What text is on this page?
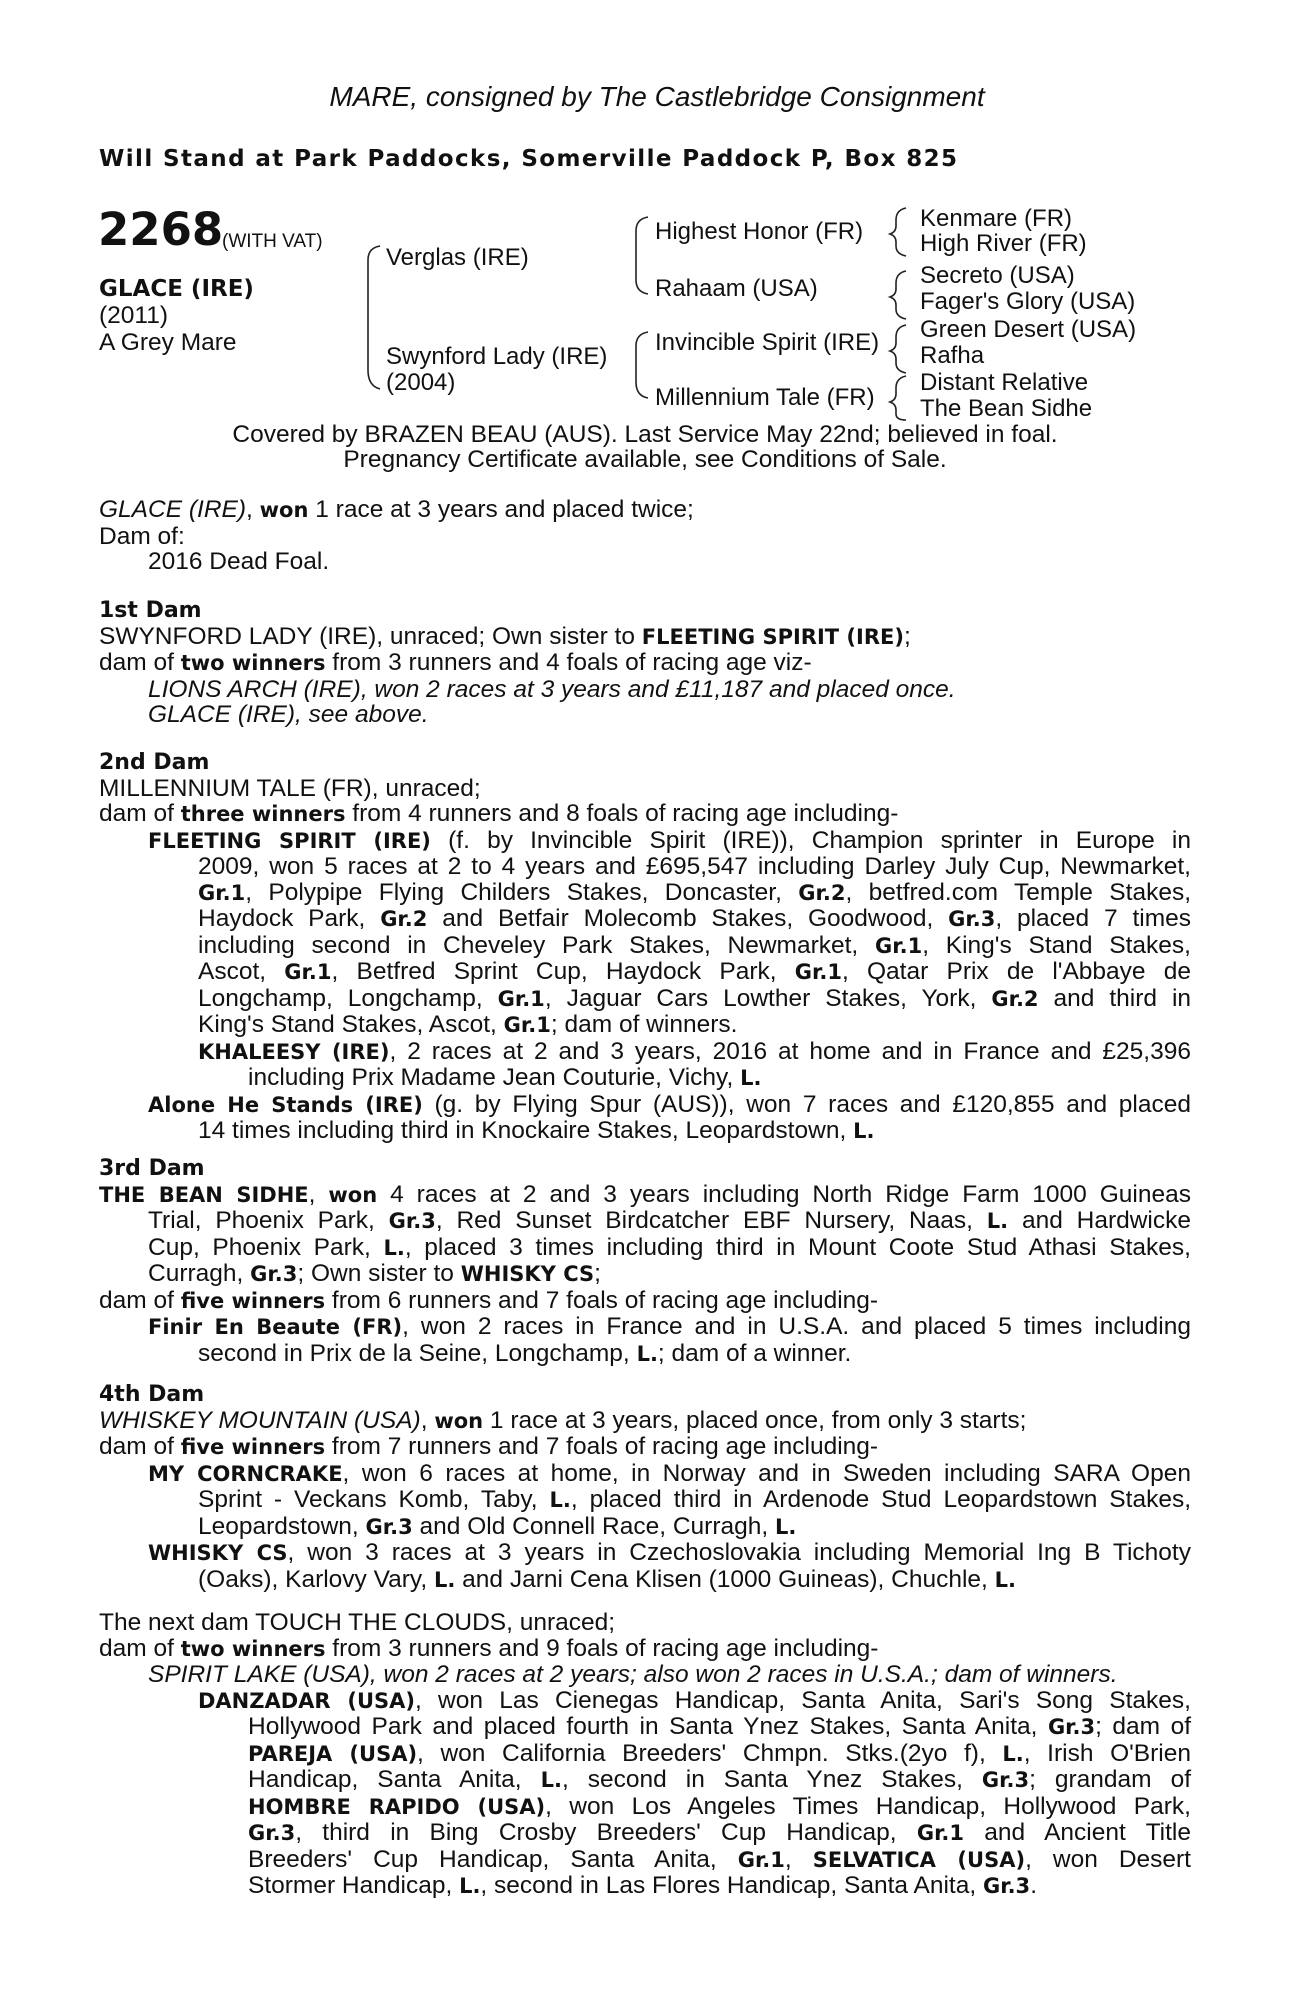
MARE, consigned by The Castlebridge Consignment
Will Stand at Park Paddocks, Somerville Paddock P, Box 825
2268
(WITH VAT)
GLACE (IRE)
(2011)
A Grey Mare
Verglas (IRE)
Swynford Lady (IRE)
(2004)
Highest Honor (FR)
Rahaam (USA)
Invincible Spirit (IRE)
Millennium Tale (FR)
Kenmare (FR)
High River (FR)
Secreto (USA)
Fager's Glory (USA)
Green Desert (USA)
Rafha
Distant Relative
The Bean Sidhe
Covered by BRAZEN BEAU (AUS). Last Service May 22nd; believed in foal.
Pregnancy Certificate available, see Conditions of Sale.

GLACE (IRE), won 1 race at 3 years and placed twice;

Dam of:

2016 Dead Foal.

1st Dam

SWYNFORD LADY (IRE), unraced; Own sister to FLEETING SPIRIT (IRE);

dam of two winners from 3 runners and 4 foals of racing age viz-

LIONS ARCH (IRE), won 2 races at 3 years and £11,187 and placed once.

GLACE (IRE), see above.

2nd Dam

MILLENNIUM TALE (FR), unraced;

dam of three winners from 4 runners and 8 foals of racing age including-

FLEETING SPIRIT (IRE) (f. by Invincible Spirit (IRE)), Champion sprinter in Europe in

2009, won 5 races at 2 to 4 years and £695,547 including Darley July Cup, Newmarket,

Gr.1, Polypipe Flying Childers Stakes, Doncaster, Gr.2, betfred.com Temple Stakes,

Haydock Park, Gr.2 and Betfair Molecomb Stakes, Goodwood, Gr.3, placed 7 times

including second in Cheveley Park Stakes, Newmarket, Gr.1, King's Stand Stakes,

Ascot, Gr.1, Betfred Sprint Cup, Haydock Park, Gr.1, Qatar Prix de l'Abbaye de

Longchamp, Longchamp, Gr.1, Jaguar Cars Lowther Stakes, York, Gr.2 and third in

King's Stand Stakes, Ascot, Gr.1; dam of winners.

KHALEESY (IRE), 2 races at 2 and 3 years, 2016 at home and in France and £25,396

including Prix Madame Jean Couturie, Vichy, L.

Alone He Stands (IRE) (g. by Flying Spur (AUS)), won 7 races and £120,855 and placed

14 times including third in Knockaire Stakes, Leopardstown, L.

3rd Dam

THE BEAN SIDHE, won 4 races at 2 and 3 years including North Ridge Farm 1000 Guineas

Trial, Phoenix Park, Gr.3, Red Sunset Birdcatcher EBF Nursery, Naas, L. and Hardwicke

Cup, Phoenix Park, L., placed 3 times including third in Mount Coote Stud Athasi Stakes,

Curragh, Gr.3; Own sister to WHISKY CS;

dam of five winners from 6 runners and 7 foals of racing age including-

Finir En Beaute (FR), won 2 races in France and in U.S.A. and placed 5 times including

second in Prix de la Seine, Longchamp, L.; dam of a winner.

4th Dam

WHISKEY MOUNTAIN (USA), won 1 race at 3 years, placed once, from only 3 starts;

dam of five winners from 7 runners and 7 foals of racing age including-

MY CORNCRAKE, won 6 races at home, in Norway and in Sweden including SARA Open

Sprint - Veckans Komb, Taby, L., placed third in Ardenode Stud Leopardstown Stakes,

Leopardstown, Gr.3 and Old Connell Race, Curragh, L.

WHISKY CS, won 3 races at 3 years in Czechoslovakia including Memorial Ing B Tichoty

(Oaks), Karlovy Vary, L. and Jarni Cena Klisen (1000 Guineas), Chuchle, L.

The next dam TOUCH THE CLOUDS, unraced;

dam of two winners from 3 runners and 9 foals of racing age including-

SPIRIT LAKE (USA), won 2 races at 2 years; also won 2 races in U.S.A.; dam of winners.

DANZADAR (USA), won Las Cienegas Handicap, Santa Anita, Sari's Song Stakes,

Hollywood Park and placed fourth in Santa Ynez Stakes, Santa Anita, Gr.3; dam of

PAREJA (USA), won California Breeders' Chmpn. Stks.(2yo f), L., Irish O'Brien

Handicap, Santa Anita, L., second in Santa Ynez Stakes, Gr.3; grandam of

HOMBRE RAPIDO (USA), won Los Angeles Times Handicap, Hollywood Park,

Gr.3, third in Bing Crosby Breeders' Cup Handicap, Gr.1 and Ancient Title

Breeders' Cup Handicap, Santa Anita, Gr.1, SELVATICA (USA), won Desert

Stormer Handicap, L., second in Las Flores Handicap, Santa Anita, Gr.3.
